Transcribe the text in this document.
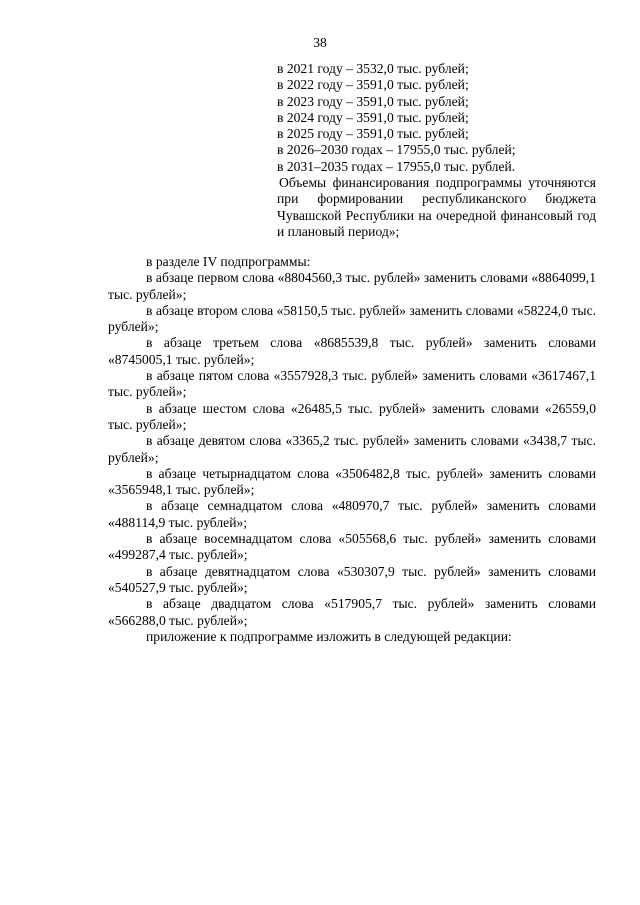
38
в 2021 году – 3532,0 тыс. рублей;
в 2022 году – 3591,0 тыс. рублей;
в 2023 году – 3591,0 тыс. рублей;
в 2024 году – 3591,0 тыс. рублей;
в 2025 году – 3591,0 тыс. рублей;
в 2026–2030 годах – 17955,0 тыс. рублей;
в 2031–2035 годах – 17955,0 тыс. рублей.

Объемы финансирования подпрограммы уточняются при формировании республиканского бюджета Чувашской Республики на очередной финансовый год и плановый период»;

в разделе IV подпрограммы:

в абзаце первом слова «8804560,3 тыс. рублей» заменить словами «8864099,1 тыс. рублей»;

в абзаце втором слова «58150,5 тыс. рублей» заменить словами «58224,0 тыс. рублей»;

в абзаце третьем слова «8685539,8 тыс. рублей» заменить словами «8745005,1 тыс. рублей»;

в абзаце пятом слова «3557928,3 тыс. рублей» заменить словами «3617467,1 тыс. рублей»;

в абзаце шестом слова «26485,5 тыс. рублей» заменить словами «26559,0 тыс. рублей»;

в абзаце девятом слова «3365,2 тыс. рублей» заменить словами «3438,7 тыс. рублей»;

в абзаце четырнадцатом слова «3506482,8 тыс. рублей» заменить словами «3565948,1 тыс. рублей»;

в абзаце семнадцатом слова «480970,7 тыс. рублей» заменить словами «488114,9 тыс. рублей»;

в абзаце восемнадцатом слова «505568,6 тыс. рублей» заменить словами «499287,4 тыс. рублей»;

в абзаце девятнадцатом слова «530307,9 тыс. рублей» заменить словами «540527,9 тыс. рублей»;

в абзаце двадцатом слова «517905,7 тыс. рублей» заменить словами «566288,0 тыс. рублей»;

приложение к подпрограмме изложить в следующей редакции:
